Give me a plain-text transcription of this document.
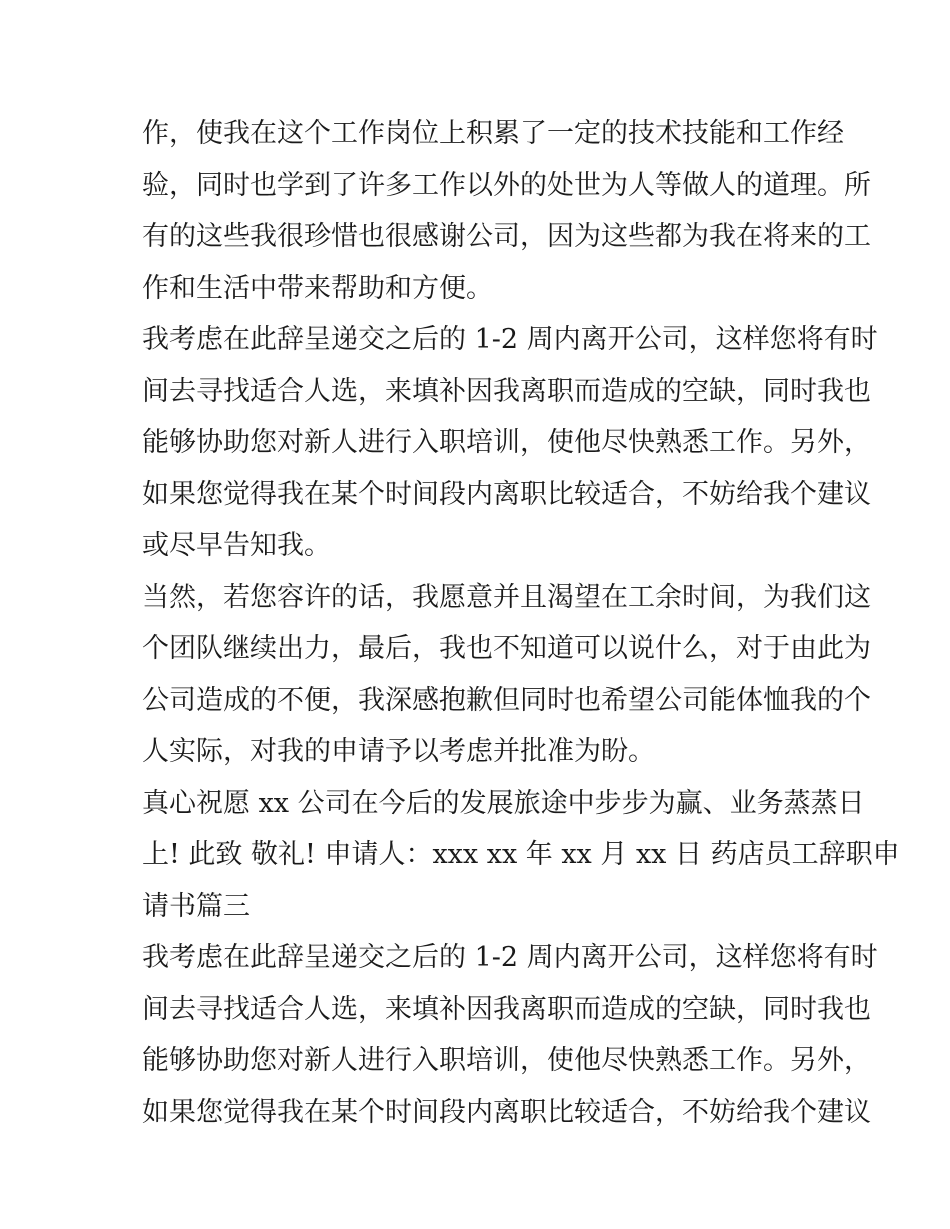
作，使我在这个工作岗位上积累了一定的技术技能和工作经
验，同时也学到了许多工作以外的处世为人等做人的道理。所
有的这些我很珍惜也很感谢公司，因为这些都为我在将来的工
作和生活中带来帮助和方便。
我考虑在此辞呈递交之后的 1-2 周内离开公司，这样您将有时
间去寻找适合人选，来填补因我离职而造成的空缺，同时我也
能够协助您对新人进行入职培训，使他尽快熟悉工作。另外，
如果您觉得我在某个时间段内离职比较适合，不妨给我个建议
或尽早告知我。
当然，若您容许的话，我愿意并且渴望在工余时间，为我们这
个团队继续出力，最后，我也不知道可以说什么，对于由此为
公司造成的不便，我深感抱歉但同时也希望公司能体恤我的个
人实际，对我的申请予以考虑并批准为盼。
真心祝愿 xx 公司在今后的发展旅途中步步为赢、业务蒸蒸日
上! 此致 敬礼! 申请人：xxx xx 年 xx 月 xx 日 药店员工辞职申
请书篇三
我考虑在此辞呈递交之后的 1-2 周内离开公司，这样您将有时
间去寻找适合人选，来填补因我离职而造成的空缺，同时我也
能够协助您对新人进行入职培训，使他尽快熟悉工作。另外，
如果您觉得我在某个时间段内离职比较适合，不妨给我个建议
